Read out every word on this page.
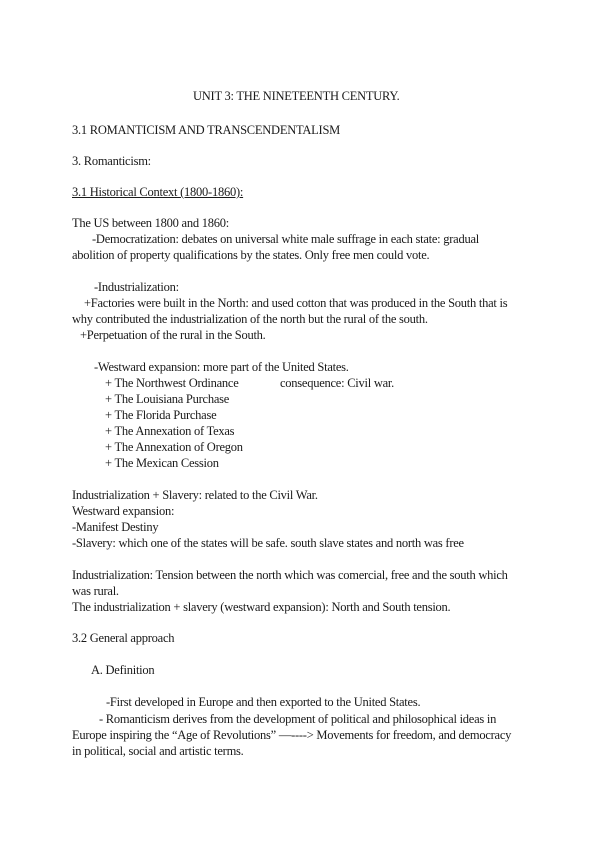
UNIT 3: THE NINETEENTH CENTURY.
3.1 ROMANTICISM AND TRANSCENDENTALISM
3. Romanticism:
3.1 Historical Context (1800-1860):
The US between 1800 and 1860:
-Democratization: debates on universal white male suffrage in each state: gradual
abolition of property qualifications by the states. Only free men could vote.
-Industrialization:
+Factories were built in the North: and used cotton that was produced in the South that is
why contributed the industrialization of the north but the rural of the south.
+Perpetuation of the rural in the South.
-Westward expansion: more part of the United States.
+ The Northwest Ordinance	consequence: Civil war.
+ The Louisiana Purchase
+ The Florida Purchase
+ The Annexation of Texas
+ The Annexation of Oregon
+ The Mexican Cession
Industrialization + Slavery: related to the Civil War.
Westward expansion:
-Manifest Destiny
-Slavery: which one of the states will be safe. south slave states and north was free
Industrialization: Tension between the north which was comercial, free and the south which
was rural.
The industrialization + slavery (westward expansion): North and South tension.
3.2 General approach
A. Definition
-First developed in Europe and then exported to the United States.
- Romanticism derives from the development of political and philosophical ideas in
Europe inspiring the “Age of Revolutions” —----> Movements for freedom, and democracy
in political, social and artistic terms.
